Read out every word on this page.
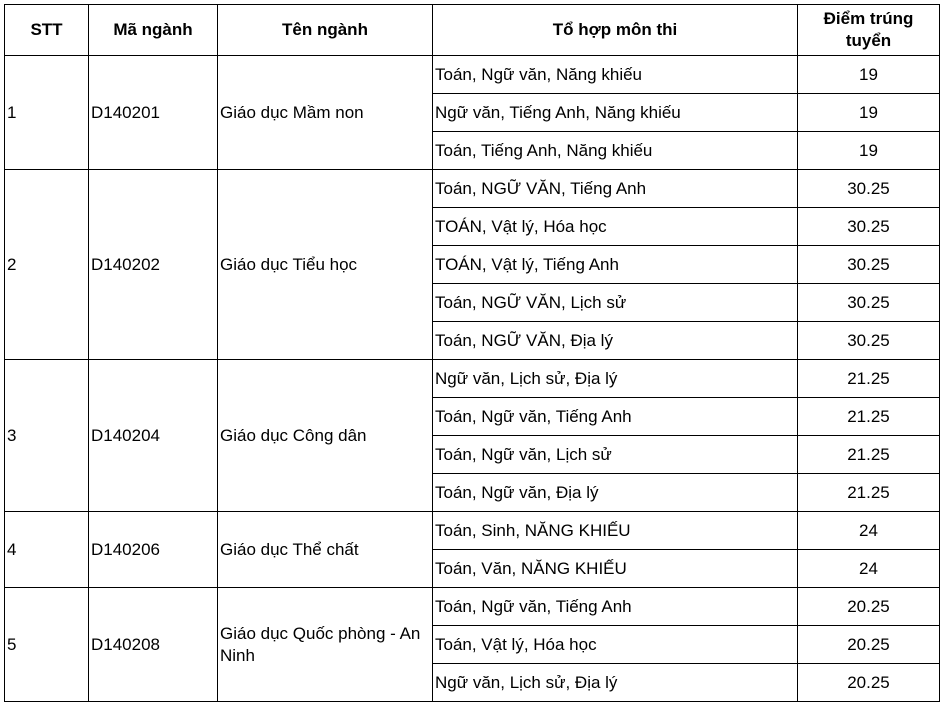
STT	Mã ngành	Tên ngành	Tổ hợp môn thi	Điểm trúng tuyển
1	D140201	Giáo dục Mầm non	Toán, Ngữ văn, Năng khiếu	19
			Ngữ văn, Tiếng Anh, Năng khiếu	19
			Toán, Tiếng Anh, Năng khiếu	19
2	D140202	Giáo dục Tiểu học	Toán, NGỮ VĂN, Tiếng Anh	30.25
			TOÁN, Vật lý, Hóa học	30.25
			TOÁN, Vật lý, Tiếng Anh	30.25
			Toán, NGỮ VĂN, Lịch sử	30.25
			Toán, NGỮ VĂN, Địa lý	30.25
3	D140204	Giáo dục Công dân	Ngữ văn, Lịch sử, Địa lý	21.25
			Toán, Ngữ văn, Tiếng Anh	21.25
			Toán, Ngữ văn, Lịch sử	21.25
			Toán, Ngữ văn, Địa lý	21.25
4	D140206	Giáo dục Thể chất	Toán, Sinh, NĂNG KHIẾU	24
			Toán, Văn, NĂNG KHIẾU	24
5	D140208	Giáo dục Quốc phòng - An Ninh	Toán, Ngữ văn, Tiếng Anh	20.25
			Toán, Vật lý, Hóa học	20.25
			Ngữ văn, Lịch sử, Địa lý	20.25
